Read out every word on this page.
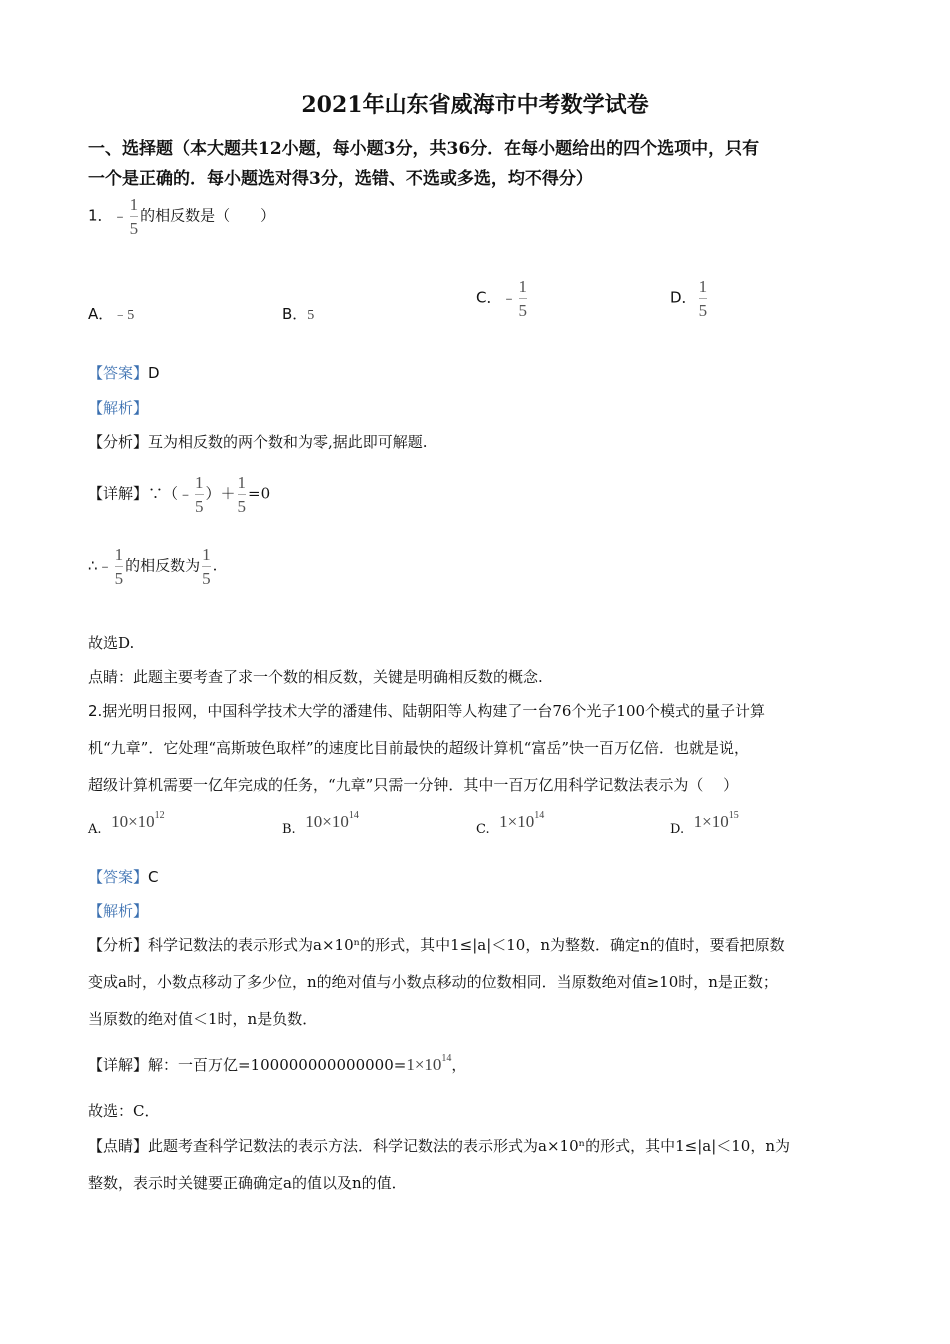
2021年山东省威海市中考数学试卷
一、选择题（本大题共12小题，每小题3分，共36分．在每小题给出的四个选项中，只有
一个是正确的．每小题选对得3分，选错、不选或多选，均不得分）
1．﹣ $\frac{1}{5}$ 的相反数是（　　）
A．﹣5	B．5
C．﹣ $\frac{1}{5}$	D． $\frac{1}{5}$
【答案】D
【解析】
【分析】互为相反数的两个数和为零,据此即可解题.
【详解】∵（﹣ $\frac{1}{5}$ ）＋ $\frac{1}{5} =0$
∴﹣ $\frac{1}{5}$ 的相反数为 $\frac{1}{5}$ .
故选D.
点睛：此题主要考查了求一个数的相反数，关键是明确相反数的概念.
2.据光明日报网，中国科学技术大学的潘建伟、陆朝阳等人构建了一台76个光子100个模式的量子计算
机“九章”．它处理“高斯玻色取样”的速度比目前最快的超级计算机“富岳”快一百万亿倍．也就是说，
超级计算机需要一亿年完成的任务，“九章”只需一分钟．其中一百万亿用科学记数法表示为（　 ）
A. $10\times 10^{12}$
B. $10\times 10^{14}$
C. $1\times 10^{14}$
D. $1\times 10^{15}$
【答案】C
【解析】
【分析】科学记数法的表示形式为a×10ⁿ的形式，其中1≤|a|＜10，n为整数．确定n的值时，要看把原数
变成a时，小数点移动了多少位，n的绝对值与小数点移动的位数相同．当原数绝对值≥10时，n是正数；
当原数的绝对值＜1时，n是负数．
【详解】解：一百万亿$=100000000000000=1\times 10^{14}$，
故选：C．
【点睛】此题考查科学记数法的表示方法．科学记数法的表示形式为a×10ⁿ的形式，其中1≤|a|＜10，n为
整数，表示时关键要正确确定a的值以及n的值．
